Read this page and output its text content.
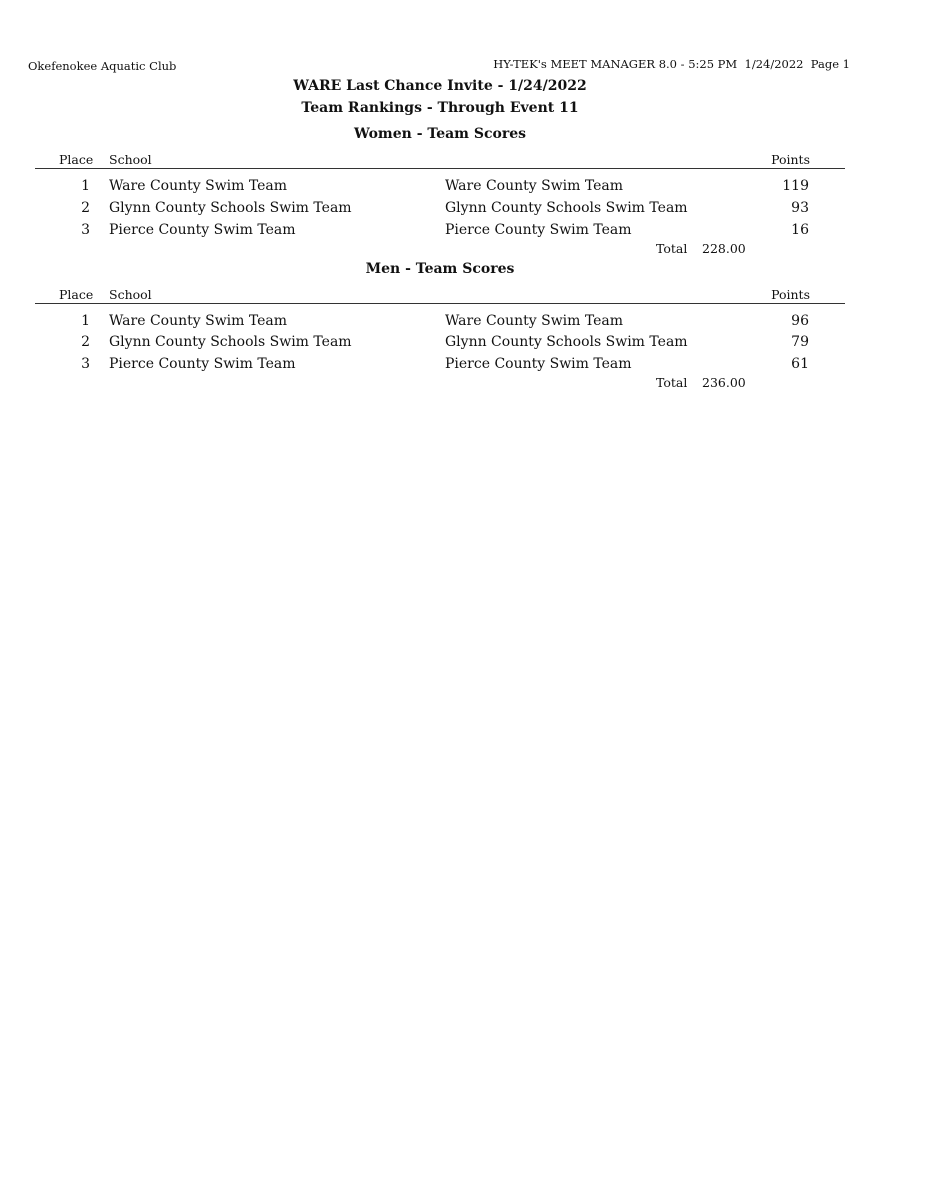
Okefenokee Aquatic Club	HY-TEK's MEET MANAGER 8.0 - 5:25 PM  1/24/2022  Page 1
WARE Last Chance Invite - 1/24/2022
Team Rankings - Through Event 11
Women - Team Scores
Place School	Points
1 Ware County Swim Team	Ware County Swim Team	119
2 Glynn County Schools Swim Team	Glynn County Schools Swim Team	93
3 Pierce County Swim Team	Pierce County Swim Team	16
Total 228.00
Men - Team Scores
Place School	Points
1 Ware County Swim Team	Ware County Swim Team	96
2 Glynn County Schools Swim Team	Glynn County Schools Swim Team	79
3 Pierce County Swim Team	Pierce County Swim Team	61
Total 236.00
